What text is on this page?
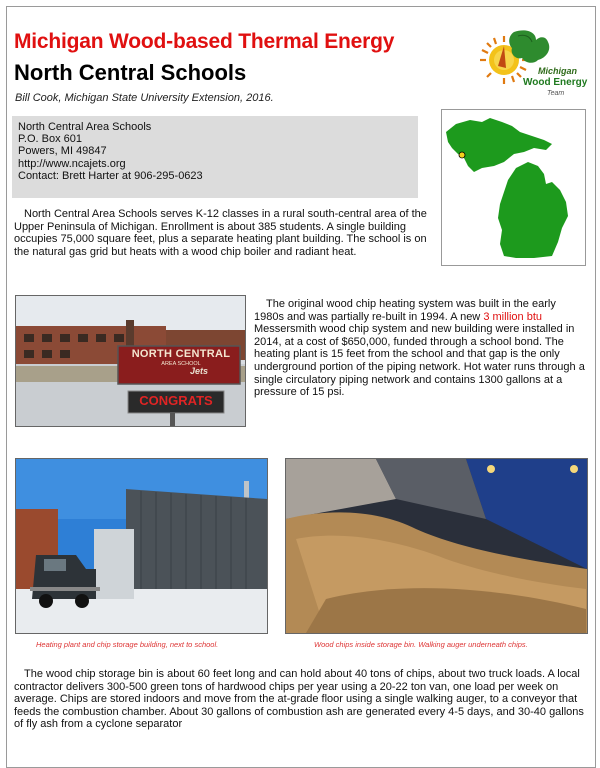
Michigan Wood-based Thermal Energy
North Central Schools
Bill Cook, Michigan State University Extension, 2016.
Michigan
Wood Energy
Team
North Central Area Schools
P.O. Box 601
Powers, MI 49847
http://www.ncajets.org
Contact: Brett Harter at 906-295-0623

North Central Area Schools serves K-12 classes in a rural south-central area of the Upper Peninsula of Michigan. Enrollment is about 385 students. A single building occupies 75,000 square feet, plus a separate heating plant building. The school is on the natural gas grid but heats with a wood chip boiler and radiant heat.

NORTH CENTRAL
AREA SCHOOL
Jets
CONGRATS

The original wood chip heating system was built in the early 1980s and was partially re-built in 1994. A new 3 million btu Messersmith wood chip system and new building were installed in 2014, at a cost of $650,000, funded through a school bond. The heating plant is 15 feet from the school and that gap is the only underground portion of the piping network. Hot water runs through a single circulatory piping network and contains 1300 gallons at a pressure of 15 psi.

Heating plant and chip storage building, next to school.	Wood chips inside storage bin. Walking auger underneath chips.

The wood chip storage bin is about 60 feet long and can hold about 40 tons of chips, about two truck loads. A local contractor delivers 300-500 green tons of hardwood chips per year using a 20-22 ton van, one load per week on average. Chips are stored indoors and move from the at-grade floor using a single walking auger, to a conveyor that feeds the combustion chamber. About 30 gallons of combustion ash are generated every 4-5 days, and 30-40 gallons of fly ash from a cyclone separator
